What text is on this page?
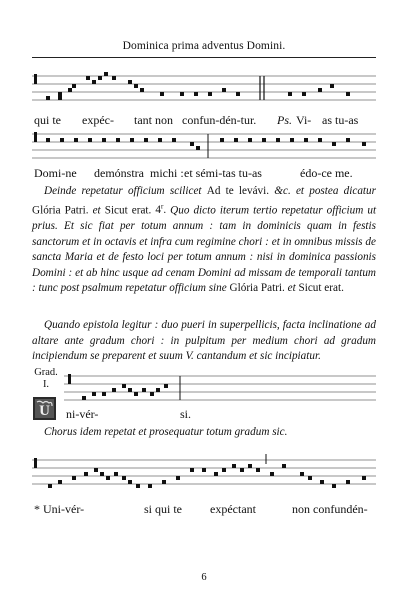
Dominica prima adventus Domini.
qui te expéc- tant non confun-dén-tur. Ps. Vi- as tu-as
Domi-ne demónstra michi : et sémi-tas tu-as	édo-ce me.

Deinde repetatur officium scilicet Ad te levávi. &c. et postea dicatur Glória Patri. et Sicut erat. 4$^r$. Quo dicto iterum tertio repetatur officium ut prius. Et sic fiat per totum annum : tam in dominicis quam in festis sanctorum et in octavis et infra cum regimine chori : et in omnibus missis de sancta Maria et de festo loci per totum annum : nisi in dominica passionis Domini : et ab hinc usque ad cenam Domini ad missam de temporali tantum : tunc post psalmum repetatur officium sine Glória Patri. et Sicut erat.

Quando epistola legitur : duo pueri in superpellicis, facta inclinatione ad altare ante gradum chori : in pulpitum per medium chori ad gradum incipiendum se preparent et suum V. cantandum et sic incipiatur.

Grad.
I.
U ni-vér-	si.

Chorus idem repetat et prosequatur totum gradum sic.

* Uni-vér-	si qui te expéctant	non confundén-
6
